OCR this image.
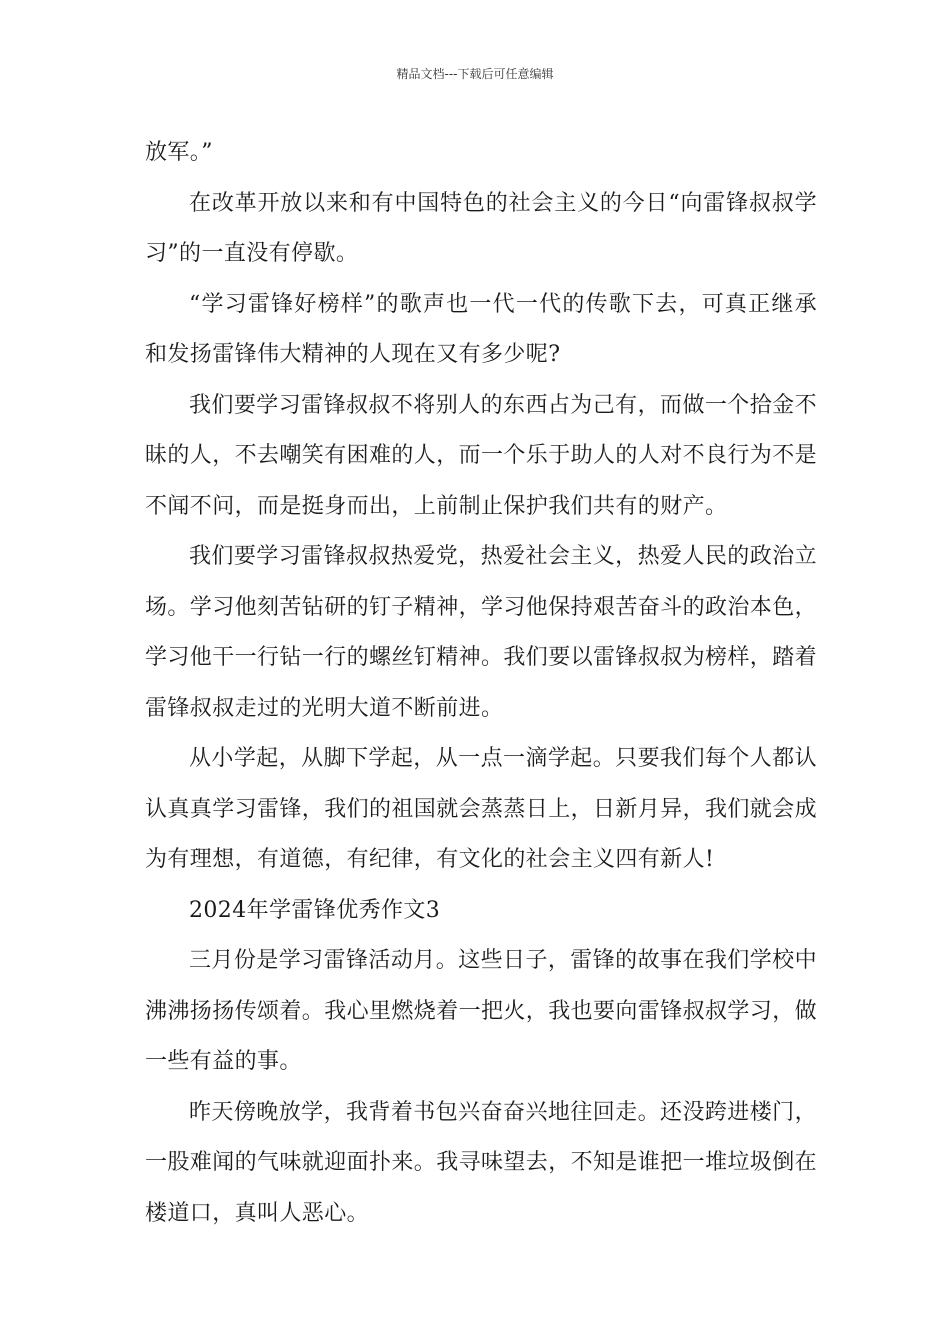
精品文档---下载后可任意编辑

放军。”

在改革开放以来和有中国特色的社会主义的今日“向雷锋叔叔学习”的一直没有停歇。

“学习雷锋好榜样”的歌声也一代一代的传歌下去，可真正继承和发扬雷锋伟大精神的人现在又有多少呢?

我们要学习雷锋叔叔不将别人的东西占为己有，而做一个拾金不昧的人，不去嘲笑有困难的人，而一个乐于助人的人对不良行为不是不闻不问，而是挺身而出，上前制止保护我们共有的财产。

我们要学习雷锋叔叔热爱党，热爱社会主义，热爱人民的政治立场。学习他刻苦钻研的钉子精神，学习他保持艰苦奋斗的政治本色，学习他干一行钻一行的螺丝钉精神。我们要以雷锋叔叔为榜样，踏着雷锋叔叔走过的光明大道不断前进。

从小学起，从脚下学起，从一点一滴学起。只要我们每个人都认认真真学习雷锋，我们的祖国就会蒸蒸日上，日新月异，我们就会成为有理想，有道德，有纪律，有文化的社会主义四有新人!

2024年学雷锋优秀作文3

三月份是学习雷锋活动月。这些日子，雷锋的故事在我们学校中沸沸扬扬传颂着。我心里燃烧着一把火，我也要向雷锋叔叔学习，做一些有益的事。

昨天傍晚放学，我背着书包兴奋奋兴地往回走。还没跨进楼门，一股难闻的气味就迎面扑来。我寻味望去，不知是谁把一堆垃圾倒在楼道口，真叫人恶心。
